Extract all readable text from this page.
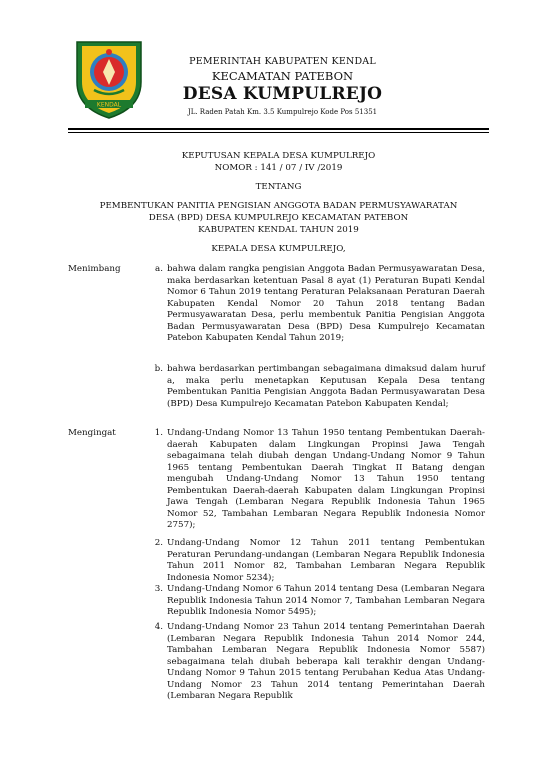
KENDAL
PEMERINTAH KABUPATEN KENDAL
KECAMATAN PATEBON
DESA KUMPULREJO
JL. Raden Patah Km. 3.5 Kumpulrejo Kode Pos 51351
KEPUTUSAN KEPALA DESA KUMPULREJO
NOMOR : 141 / 07 / IV /2019
TENTANG
PEMBENTUKAN PANITIA PENGISIAN ANGGOTA BADAN PERMUSYAWARATAN
DESA (BPD) DESA KUMPULREJO KECAMATAN PATEBON
KABUPATEN KENDAL TAHUN 2019
KEPALA DESA KUMPULREJO,
Menimbang	a. bahwa dalam rangka pengisian Anggota Badan Permusyawaratan Desa, maka berdasarkan ketentuan Pasal 8 ayat (1) Peraturan Bupati Kendal Nomor 6 Tahun 2019 tentang Peraturan Pelaksanaan Peraturan Daerah Kabupaten Kendal Nomor 20 Tahun 2018 tentang Badan Permusyawaratan Desa, perlu membentuk Panitia Pengisian Anggota Badan Permusyawaratan Desa (BPD) Desa Kumpulrejo Kecamatan Patebon Kabupaten Kendal Tahun 2019;
b. bahwa berdasarkan pertimbangan sebagaimana dimaksud dalam huruf a, maka perlu menetapkan Keputusan Kepala Desa tentang Pembentukan Panitia Pengisian Anggota Badan Permusyawaratan Desa (BPD) Desa Kumpulrejo Kecamatan Patebon Kabupaten Kendal;
Mengingat	1. Undang-Undang Nomor 13 Tahun 1950 tentang Pembentukan Daerah-daerah Kabupaten dalam Lingkungan Propinsi Jawa Tengah sebagaimana telah diubah dengan Undang-Undang Nomor 9 Tahun 1965 tentang Pembentukan Daerah Tingkat II Batang dengan mengubah Undang-Undang Nomor 13 Tahun 1950 tentang Pembentukan Daerah-daerah Kabupaten dalam Lingkungan Propinsi Jawa Tengah (Lembaran Negara Republik Indonesia Tahun 1965 Nomor 52, Tambahan Lembaran Negara Republik Indonesia Nomor 2757);
2. Undang-Undang Nomor 12 Tahun 2011 tentang Pembentukan Peraturan Perundang-undangan (Lembaran Negara Republik Indonesia Tahun 2011 Nomor 82, Tambahan Lembaran Negara Republik Indonesia Nomor 5234);
3. Undang-Undang Nomor 6 Tahun 2014 tentang Desa (Lembaran Negara Republik Indonesia Tahun 2014 Nomor 7, Tambahan Lembaran Negara Republik Indonesia Nomor 5495);
4. Undang-Undang Nomor 23 Tahun 2014 tentang Pemerintahan Daerah (Lembaran Negara Republik Indonesia Tahun 2014 Nomor 244, Tambahan Lembaran Negara Republik Indonesia Nomor 5587) sebagaimana telah diubah beberapa kali terakhir dengan Undang-Undang Nomor 9 Tahun 2015 tentang Perubahan Kedua Atas Undang-Undang Nomor 23 Tahun 2014 tentang Pemerintahan Daerah (Lembaran Negara Republik
